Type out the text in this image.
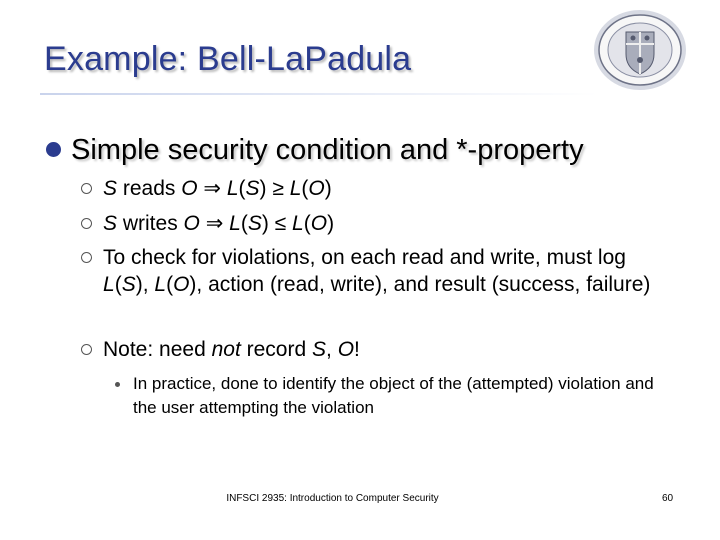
Example: Bell-LaPadula
Simple security condition and *-property
S reads O ⇒ L(S) ≥ L(O)
S writes O ⇒ L(S) ≤ L(O)
To check for violations, on each read and write, must log L(S), L(O), action (read, write), and result (success, failure)
Note: need not record S, O!
In practice, done to identify the object of the (attempted) violation and the user attempting the violation
INFSCI 2935: Introduction to Computer Security	60
